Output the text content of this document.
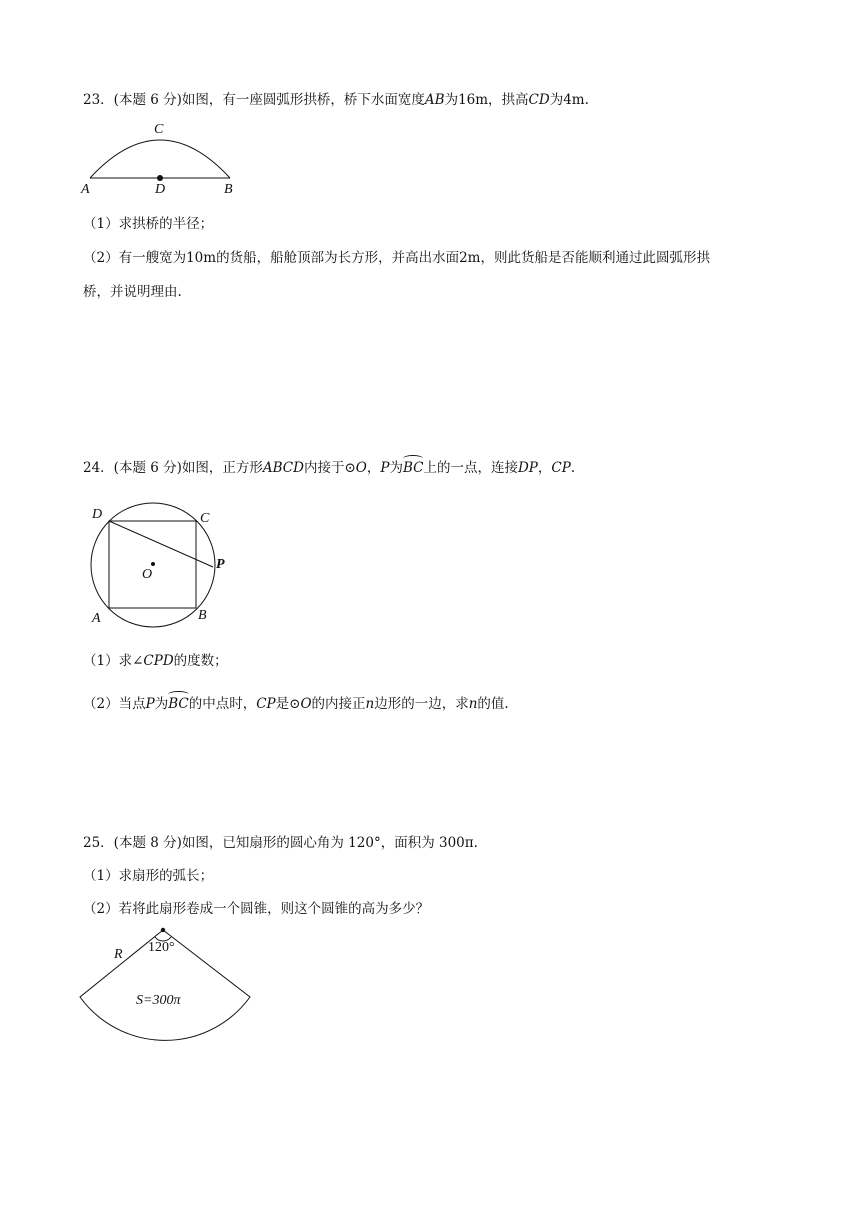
23．(本题 6 分)如图，有一座圆弧形拱桥，桥下水面宽度AB为16m，拱高CD为4m.
C
A	D	B
（1）求拱桥的半径；
（2）有一艘宽为10m的货船，船舱顶部为长方形，并高出水面2m，则此货船是否能顺利通过此圆弧形拱
桥，并说明理由.
24．(本题 6 分)如图，正方形ABCD内接于⊙O，P为BC上的一点，连接DP，CP.
D	C
O
P
A	B
（1）求∠CPD的度数；
（2）当点P为BC的中点时，CP是⊙O的内接正n边形的一边，求n的值.
25．(本题 8 分)如图，已知扇形的圆心角为 120°，面积为 300π.
（1）求扇形的弧长；
（2）若将此扇形卷成一个圆锥，则这个圆锥的高为多少？
R 120°
S=300π
